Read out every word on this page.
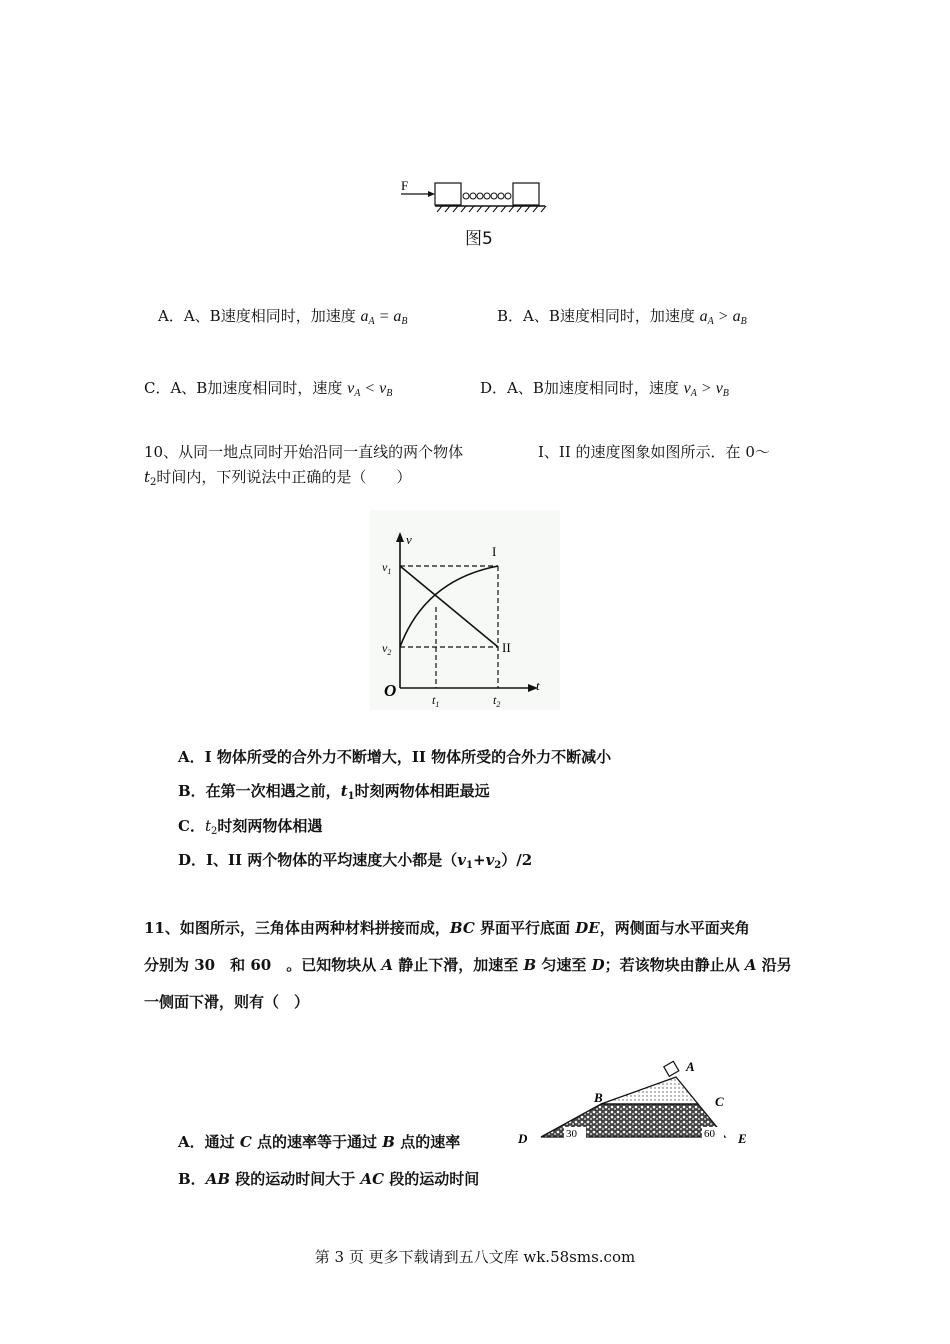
F
图5
A．A、B速度相同时，加速度 $a_A = a_B$	B．A、B速度相同时，加速度 $a_A > a_B$
C．A、B加速度相同时，速度 $v_A < v_B$	D．A、B加速度相同时，速度 $v_A > v_B$
10、从同一地点同时开始沿同一直线的两个物体	I、II 的速度图象如图所示．在 0～
$t_2$时间内，下列说法中正确的是（　　）
v
t
O
$v_1$
$v_2$
$t_1$	$t_2$
I
II
A．I 物体所受的合外力不断增大，II 物体所受的合外力不断减小
B．在第一次相遇之前，$t_1$时刻两物体相距最远
C．$t_2$时刻两物体相遇
D．I、II 两个物体的平均速度大小都是$(v_1+v_2)/2$
11、如图所示，三角体由两种材料拼接而成，BC 界面平行底面 DE，两侧面与水平面夹角
分别为 30　和 60　。已知物块从 A 静止下滑，加速至 B 匀速至 D；若该物块由静止从 A 沿另
一侧面下滑，则有（　）
A
B	C
D	E
30	60
A．通过 C 点的速率等于通过 B 点的速率
B．AB 段的运动时间大于 AC 段的运动时间
第 3 页 更多下载请到五八文库 wk.58sms.com
